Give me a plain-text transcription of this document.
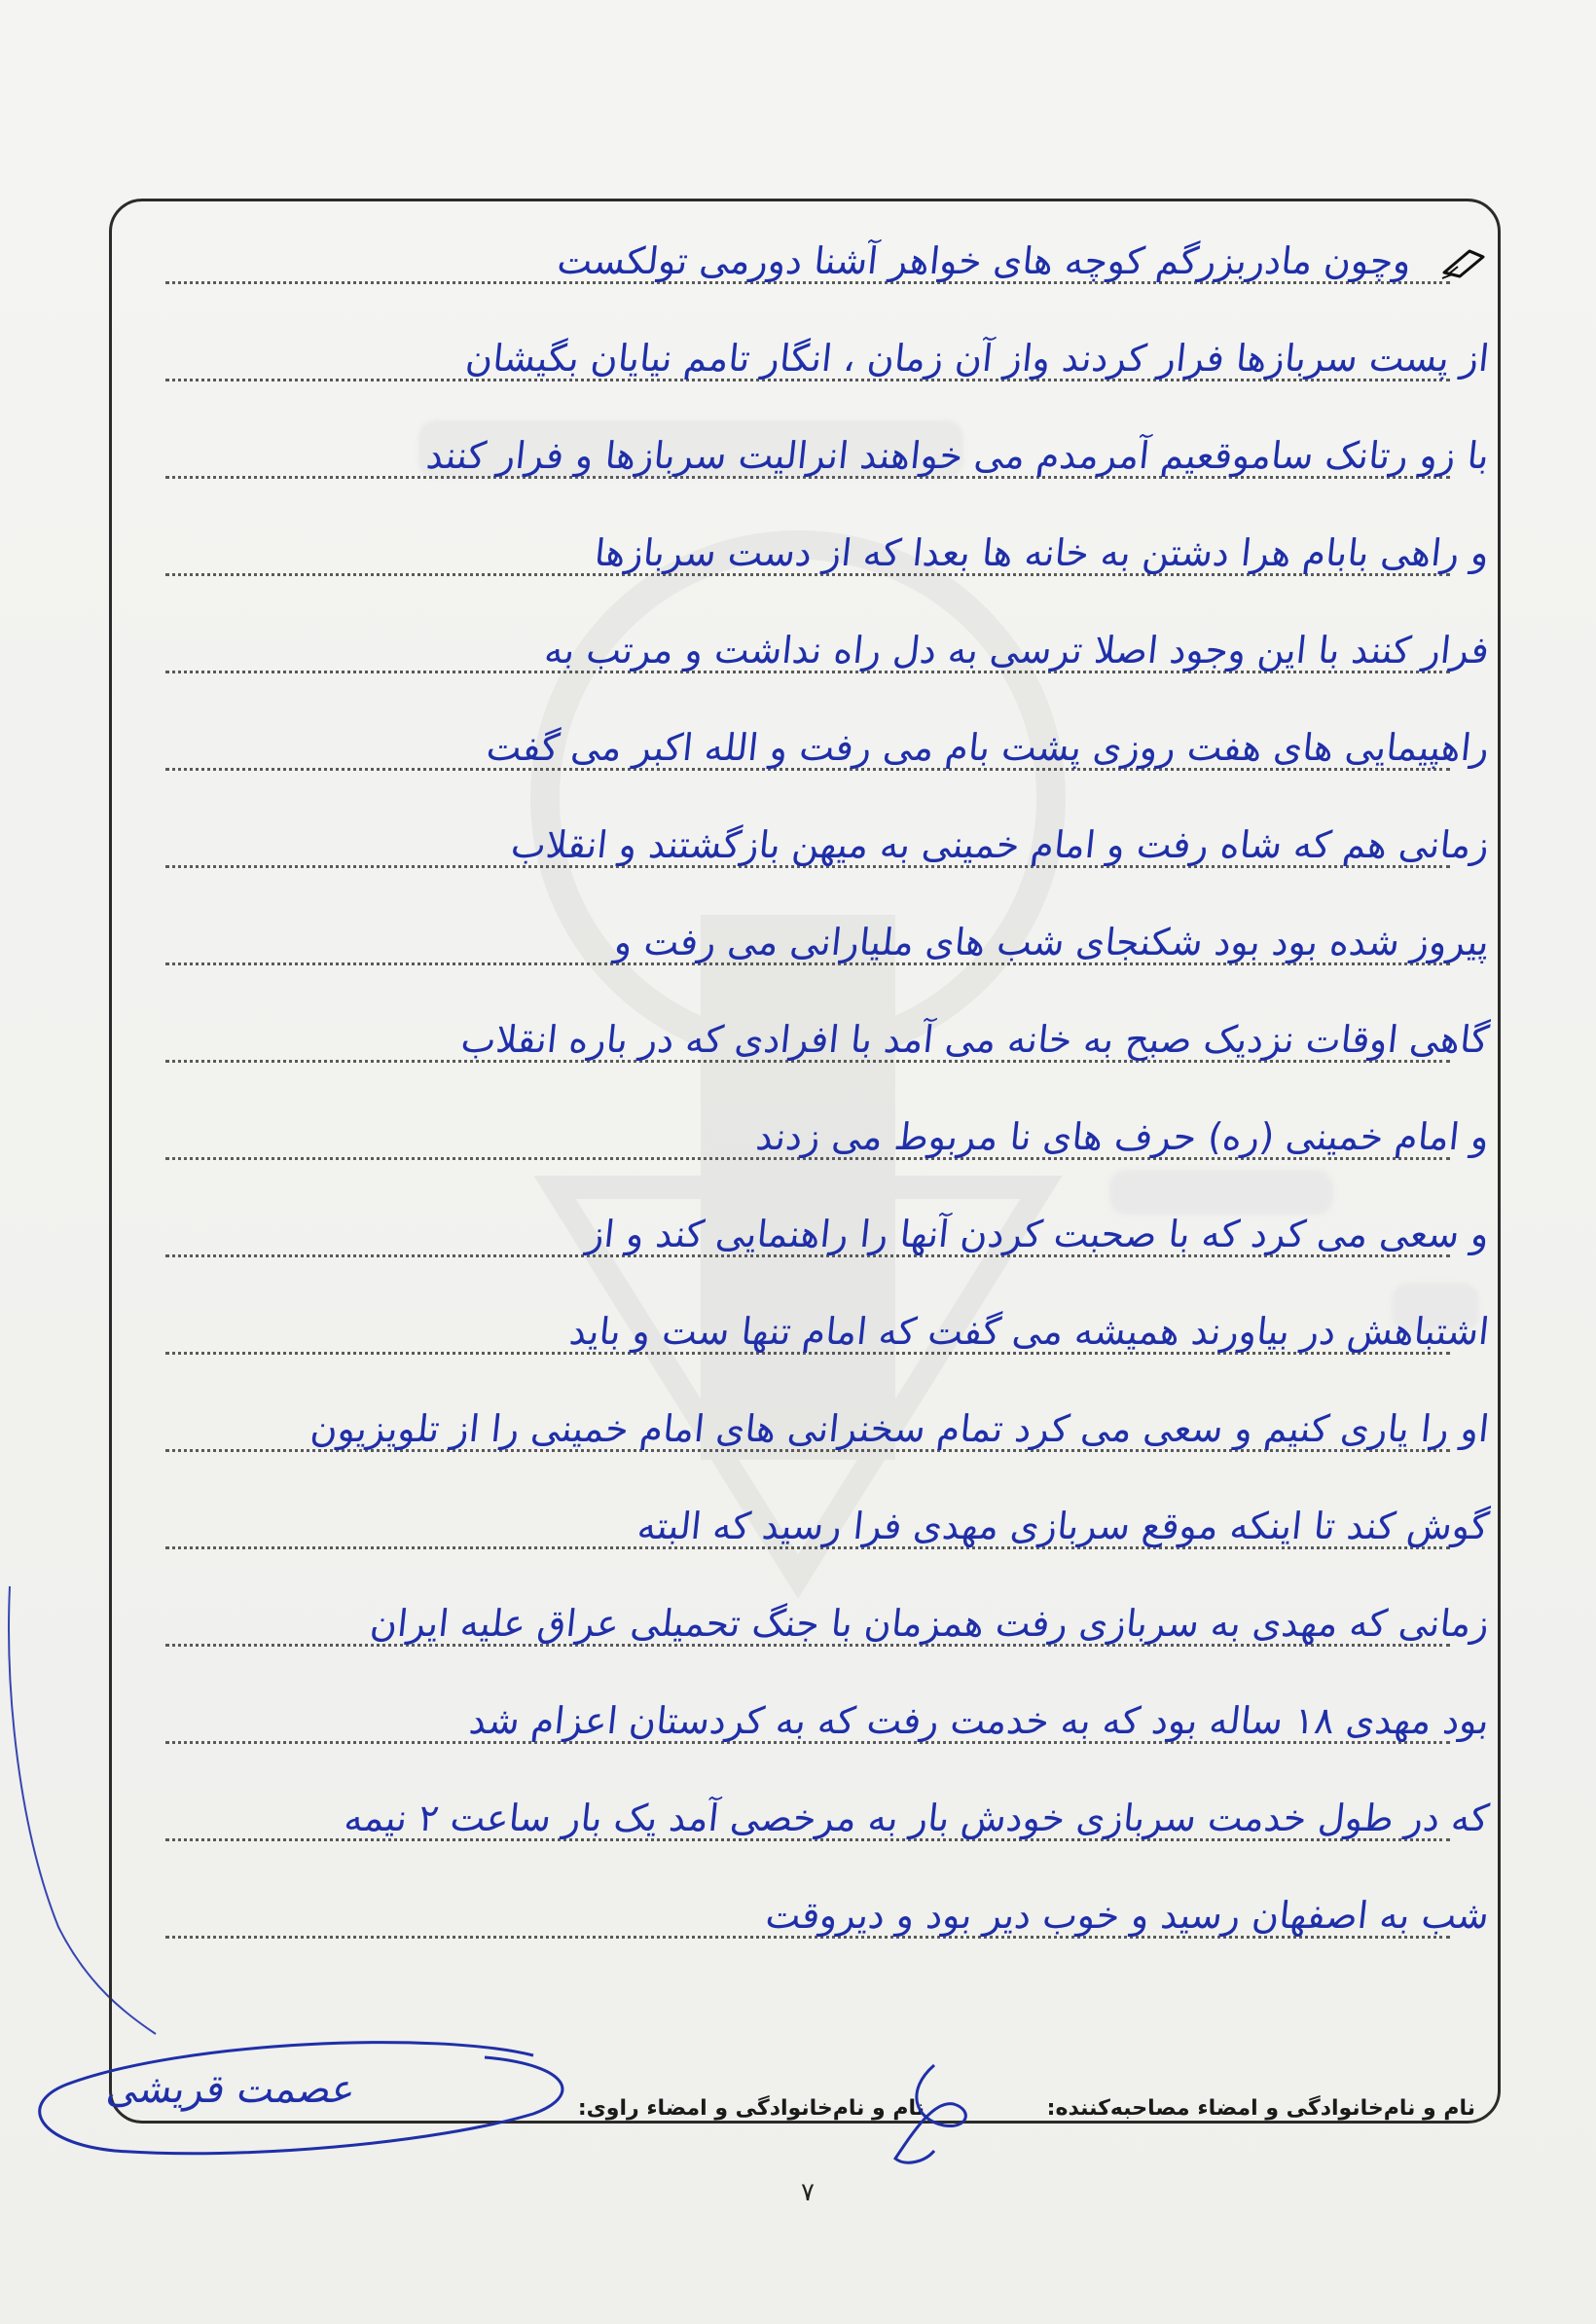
وچون مادربزرگم کوچه های خواهر آشنا دورمی تولکست
از پست سربازها فرار کردند واز آن زمان ، انگار تامم نیایان بگیشان
با زو رتانک ساموقعیم آمرمدم می خواهند انرالیت سربازها و فرار کنند
و راهی بابام هرا دشتن به خانه ها بعدا که از دست سربازها
فرار کنند با این وجود اصلا ترسی به دل راه نداشت و مرتب به
راهپیمایی های هفت روزی پشت بام می رفت و الله اکبر می گفت
زمانی هم که شاه رفت و امام خمینی به میهن بازگشتند و انقلاب
پیروز شده بود بود شکنجای شب های ملیارانی می رفت و
گاهی اوقات نزدیک صبح به خانه می آمد با افرادی که در باره انقلاب
و امام خمینی (ره) حرف های نا مربوط می زدند
و سعی می کرد که با صحبت کردن آنها را راهنمایی کند و از
اشتباهش در بیاورند همیشه می گفت که امام تنها ست و باید
او را یاری کنیم و سعی می کرد تمام سخنرانی های امام خمینی را از تلویزیون
گوش کند تا اینکه موقع سربازی مهدی فرا رسید که البته
زمانی که مهدی به سربازی رفت همزمان با جنگ تحمیلی عراق علیه ایران
بود مهدی ۱۸ ساله بود که به خدمت رفت که به کردستان اعزام شد
که در طول خدمت سربازی خودش بار به مرخصی آمد یک بار ساعت ۲ نیمه
شب به اصفهان رسید و خوب دیر بود و دیروقت
نام و نام‌خانوادگی و امضاء مصاحبه‌کننده:
نام و نام‌خانوادگی و امضاء راوی:
عصمت قریشی
۷
